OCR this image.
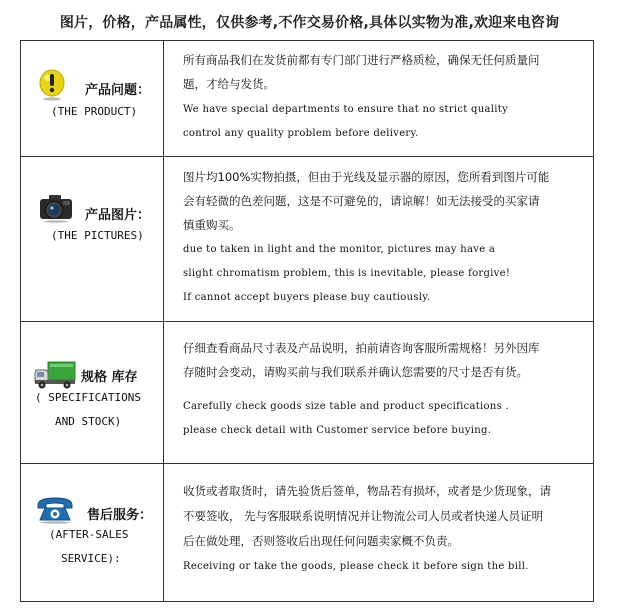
图片，价格，产品属性，仅供参考,不作交易价格,具体以实物为准,欢迎来电咨询
产品问题：
(THE PRODUCT)
所有商品我们在发货前都有专门部门进行严格质检，确保无任何质量问
题，才给与发货。
We have special departments to ensure that no strict quality
control any quality problem before delivery.
产品图片：
(THE PICTURES)
图片均100%实物拍摄，但由于光线及显示器的原因，您所看到图片可能
会有轻微的色差问题，这是不可避免的，请谅解！如无法接受的买家请
慎重购买。
due to taken in light and the monitor, pictures may have a
slight chromatism problem, this is inevitable, please forgive!
If cannot accept buyers please buy cautiously.
规格 库存
( SPECIFICATIONS
AND STOCK)
仔细查看商品尺寸表及产品说明，拍前请咨询客服所需规格！另外因库
存随时会变动，请购买前与我们联系并确认您需要的尺寸是否有货。
Carefully check goods size table and product specifications .
please check detail with Customer service before buying.
售后服务：
(AFTER-SALES
SERVICE):
收货或者取货时，请先验货后签单，物品若有损坏，或者是少货现象，请
不要签收， 先与客服联系说明情况并让物流公司人员或者快递人员证明
后在做处理，否则签收后出现任何问题卖家概不负责。
Receiving or take the goods, please check it before sign the bill.
